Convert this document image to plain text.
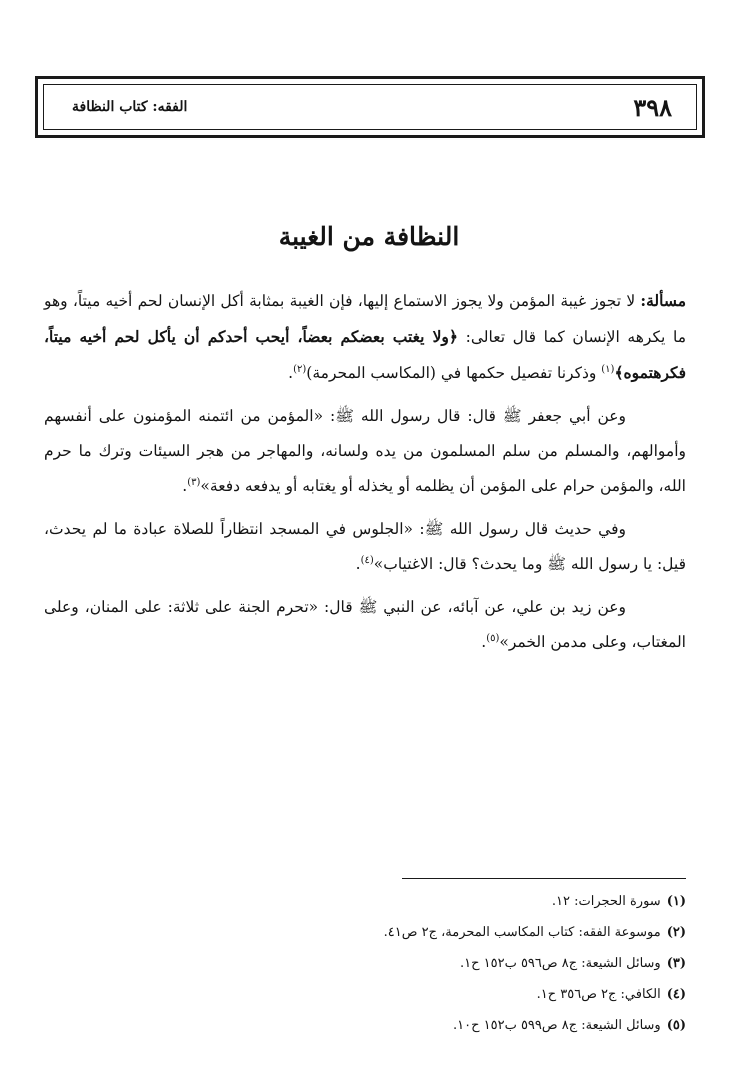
٣٩٨
الفقه: كتاب النظافة
النظافة من الغيبة

مسألة: لا تجوز غيبة المؤمن ولا يجوز الاستماع إليها، فإن الغيبة بمثابة أكل الإنسان لحم أخيه ميتاً، وهو ما يكرهه الإنسان كما قال تعالى: ﴿ولا يغتب بعضكم بعضاً، أيحب أحدكم أن يأكل لحم أخيه ميتاً، فكرهتموه﴾$^{(١)}$ وذكرنا تفصيل حكمها في (المكاسب المحرمة)$^{(٢)}$.

وعن أبي جعفر ﷺ قال: قال رسول الله ﷺ: «المؤمن من ائتمنه المؤمنون على أنفسهم وأموالهم، والمسلم من سلم المسلمون من يده ولسانه، والمهاجر من هجر السيئات وترك ما حرم الله، والمؤمن حرام على المؤمن أن يظلمه أو يخذله أو يغتابه أو يدفعه دفعة»$^{(٣)}$.

وفي حديث قال رسول الله ﷺ: «الجلوس في المسجد انتظاراً للصلاة عبادة ما لم يحدث، قيل: يا رسول الله ﷺ وما يحدث؟ قال: الاغتياب»$^{(٤)}$.

وعن زيد بن علي، عن آبائه، عن النبي ﷺ قال: «تحرم الجنة على ثلاثة: على المنان، وعلى المغتاب، وعلى مدمن الخمر»$^{(٥)}$.

(١)سورة الحجرات: ١٢.
(٢)موسوعة الفقه: كتاب المكاسب المحرمة، ج٢ ص٤١.
(٣)وسائل الشيعة: ج٨ ص٥٩٦ ب١٥٢ ح١.
(٤)الكافي: ج٢ ص٣٥٦ ح١.
(٥)وسائل الشيعة: ج٨ ص٥٩٩ ب١٥٢ ح١٠.
